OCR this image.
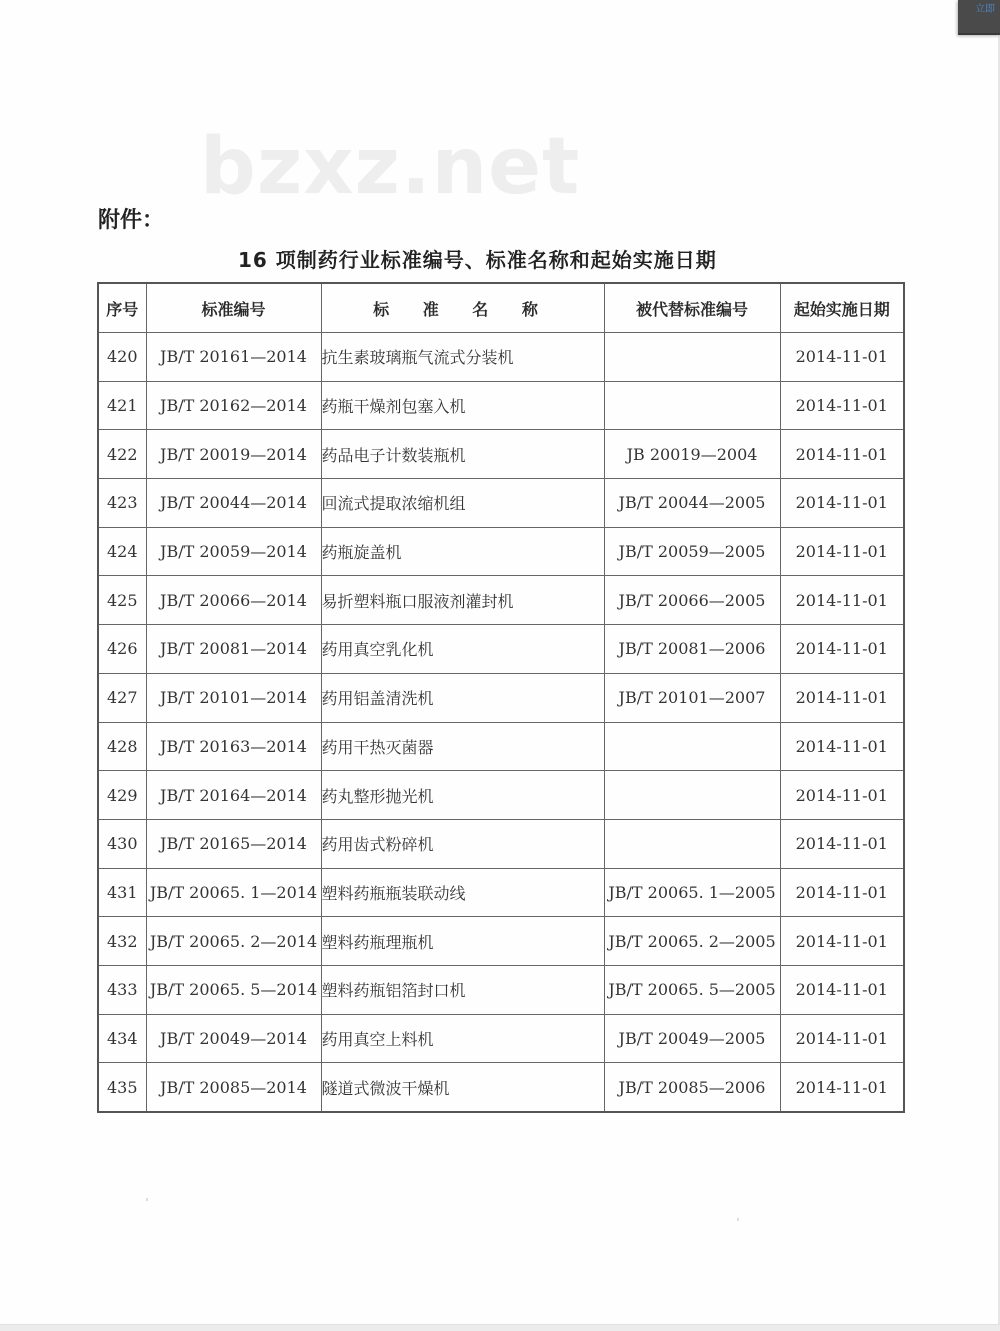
立即
bzxz.net
附件：
16 项制药行业标准编号、标准名称和起始实施日期
序号	标准编号	标 准 名 称	被代替标准编号	起始实施日期
420	JB/T 20161—2014	抗生素玻璃瓶气流式分装机		2014-11-01
421	JB/T 20162—2014	药瓶干燥剂包塞入机		2014-11-01
422	JB/T 20019—2014	药品电子计数装瓶机	JB 20019—2004	2014-11-01
423	JB/T 20044—2014	回流式提取浓缩机组	JB/T 20044—2005	2014-11-01
424	JB/T 20059—2014	药瓶旋盖机	JB/T 20059—2005	2014-11-01
425	JB/T 20066—2014	易折塑料瓶口服液剂灌封机	JB/T 20066—2005	2014-11-01
426	JB/T 20081—2014	药用真空乳化机	JB/T 20081—2006	2014-11-01
427	JB/T 20101—2014	药用铝盖清洗机	JB/T 20101—2007	2014-11-01
428	JB/T 20163—2014	药用干热灭菌器		2014-11-01
429	JB/T 20164—2014	药丸整形抛光机		2014-11-01
430	JB/T 20165—2014	药用齿式粉碎机		2014-11-01
431	JB/T 20065. 1—2014	塑料药瓶瓶装联动线	JB/T 20065. 1—2005	2014-11-01
432	JB/T 20065. 2—2014	塑料药瓶理瓶机	JB/T 20065. 2—2005	2014-11-01
433	JB/T 20065. 5—2014	塑料药瓶铝箔封口机	JB/T 20065. 5—2005	2014-11-01
434	JB/T 20049—2014	药用真空上料机	JB/T 20049—2005	2014-11-01
435	JB/T 20085—2014	隧道式微波干燥机	JB/T 20085—2006	2014-11-01
